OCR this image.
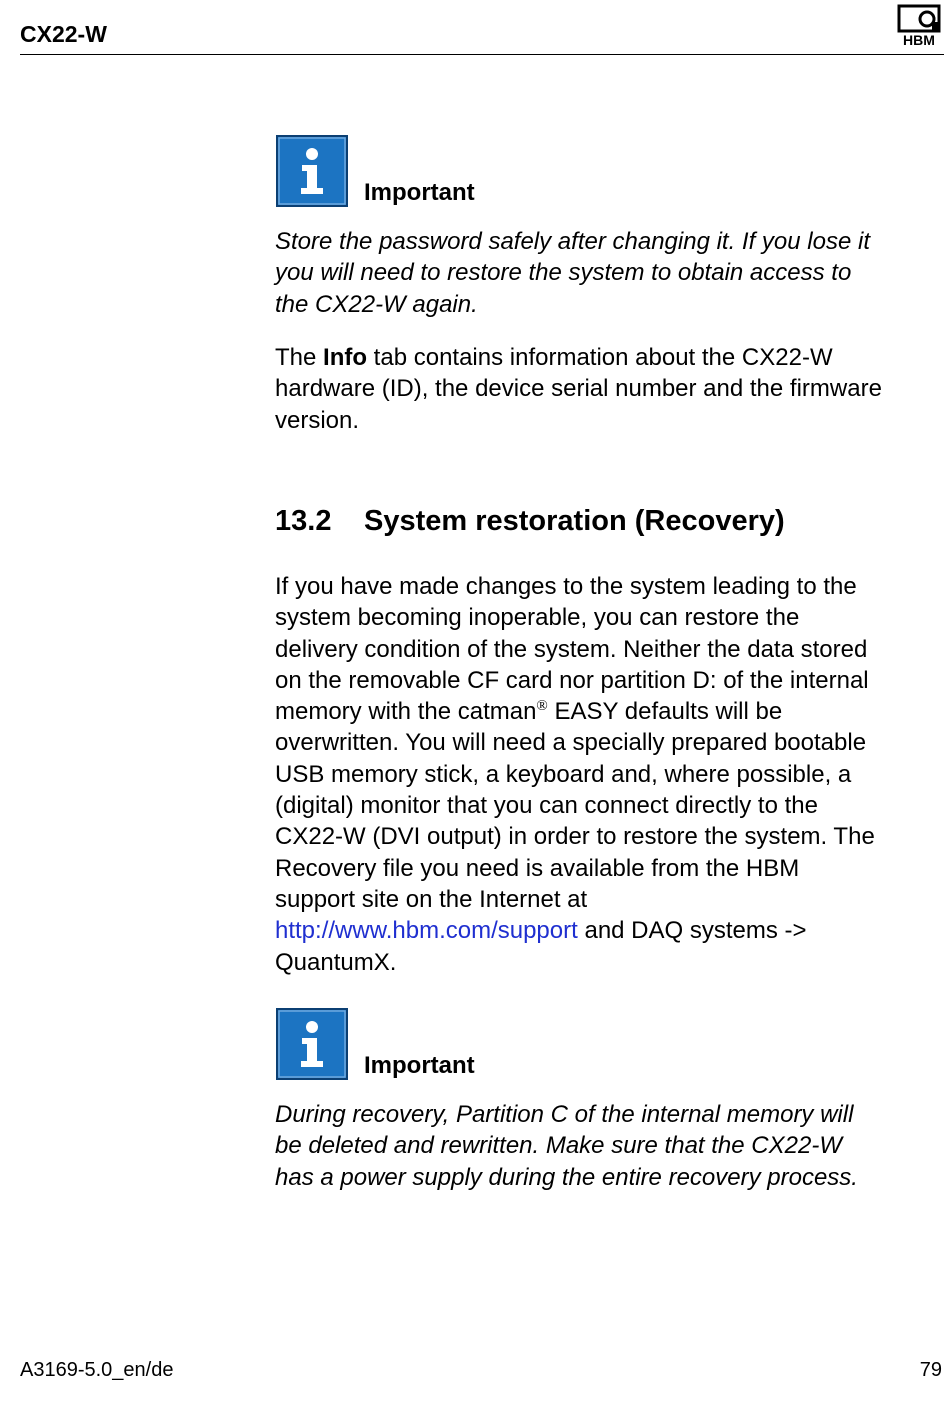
CX22-W	HBM
Important

Store the password safely after changing it. If you lose it

you will need to restore the system to obtain access to

the CX22-W again.

The Info tab contains information about the CX22-W

hardware (ID), the device serial number and the firmware

version.

13.2 System restoration (Recovery)

If you have made changes to the system leading to the

system becoming inoperable, you can restore the

delivery condition of the system. Neither the data stored

on the removable CF card nor partition D: of the internal

memory with the catman® EASY defaults will be

overwritten. You will need a specially prepared bootable

USB memory stick, a keyboard and, where possible, a

(digital) monitor that you can connect directly to the

CX22-W (DVI output) in order to restore the system. The

Recovery file you need is available from the HBM

support site on the Internet at

http://www.hbm.com/support and DAQ systems ->

QuantumX.

Important

During recovery, Partition C of the internal memory will

be deleted and rewritten. Make sure that the CX22-W

has a power supply during the entire recovery process.

A3169-5.0_en/de	79
